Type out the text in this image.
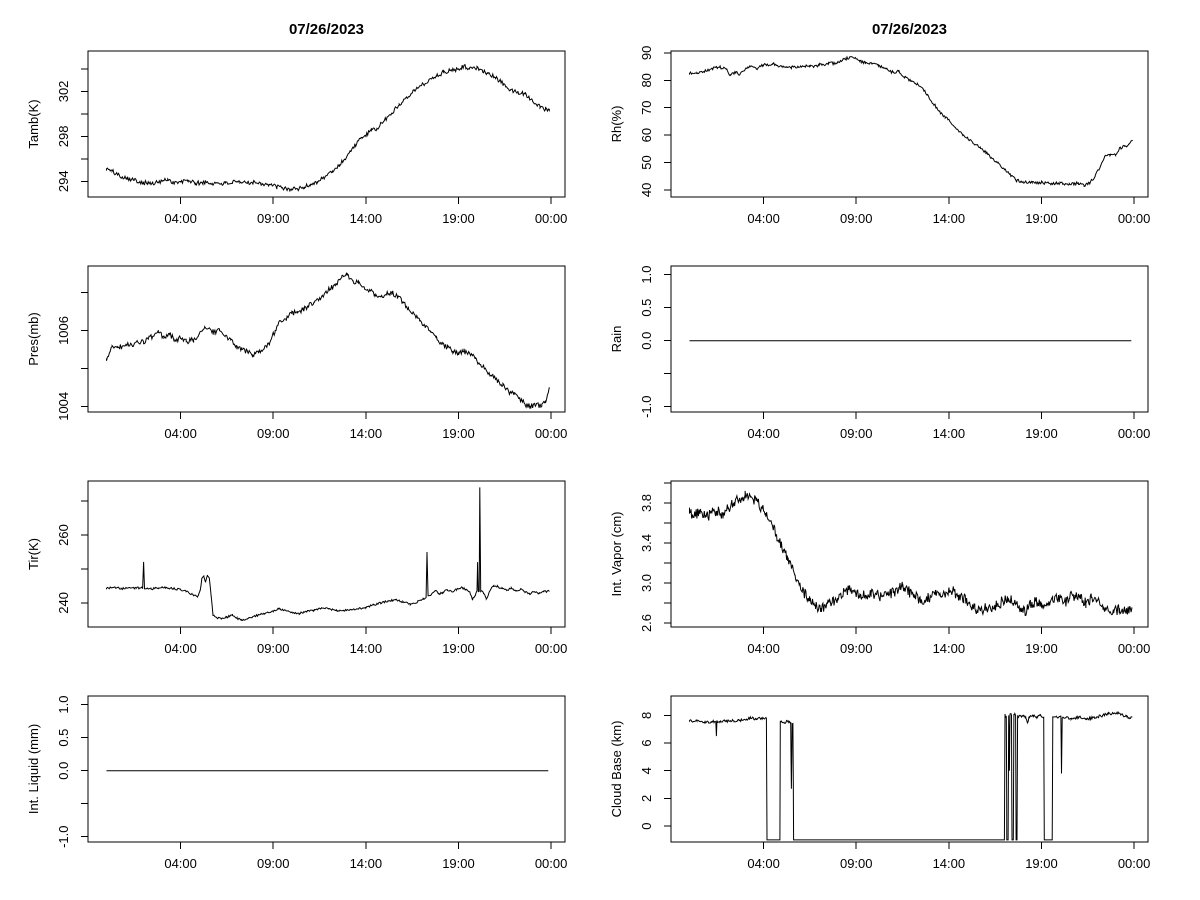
07/26/2023
294
298
302
Tamb(K)
04:00	09:00	14:00	19:00	00:00
07/26/2023
40
50
60
70
80
90
Rh(%)
04:00	09:00	14:00	19:00	00:00
1004
1006
Pres(mb)
04:00	09:00	14:00	19:00	00:00
-1.0
0.0
0.5
1.0
Rain
04:00	09:00	14:00	19:00	00:00
240
260
Tir(K)
04:00	09:00	14:00	19:00	00:00
2.6
3.0
3.4
3.8
Int. Vapor (cm)
04:00	09:00	14:00	19:00	00:00
-1.0
0.0
0.5
1.0
Int. Liquid (mm)
04:00	09:00	14:00	19:00	00:00
0
2
4
6
8
Cloud Base (km)
04:00	09:00	14:00	19:00	00:00
